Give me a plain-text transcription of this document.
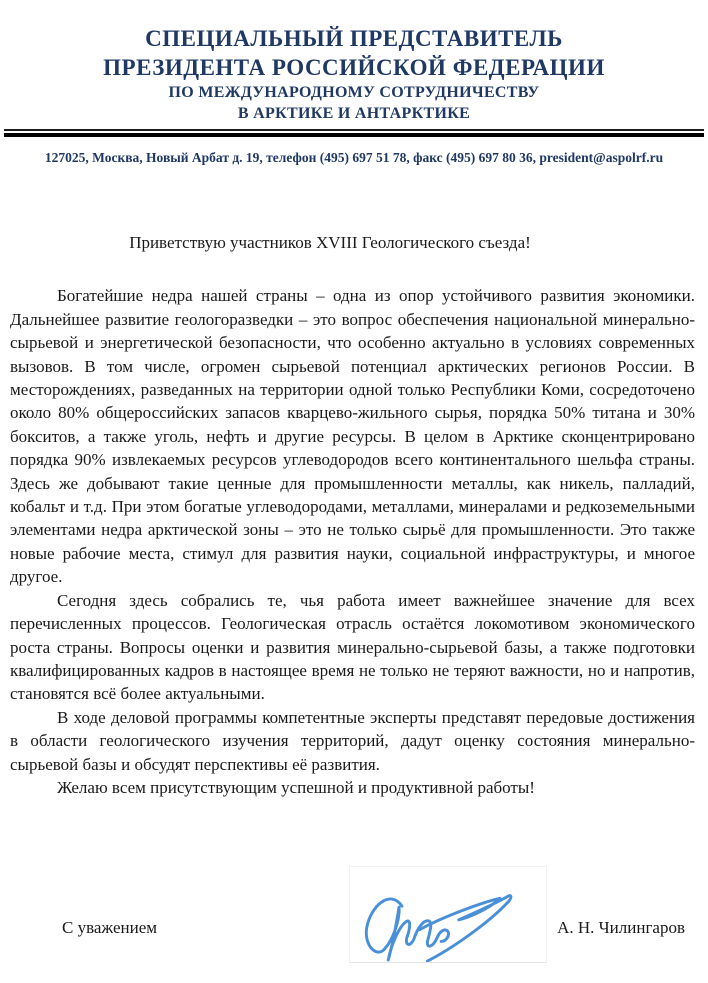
СПЕЦИАЛЬНЫЙ ПРЕДСТАВИТЕЛЬ
ПРЕЗИДЕНТА РОССИЙСКОЙ ФЕДЕРАЦИИ
ПО МЕЖДУНАРОДНОМУ СОТРУДНИЧЕСТВУ
В АРКТИКЕ И АНТАРКТИКЕ
127025, Москва, Новый Арбат д. 19, телефон (495) 697 51 78, факс (495) 697 80 36, president@aspolrf.ru

Приветствую участников XVIII Геологического съезда!

Богатейшие недра нашей страны – одна из опор устойчивого развития экономики. Дальнейшее развитие геологоразведки – это вопрос обеспечения национальной минерально-сырьевой и энергетической безопасности, что особенно актуально в условиях современных вызовов. В том числе, огромен сырьевой потенциал арктических регионов России. В месторождениях, разведанных на территории одной только Республики Коми, сосредоточено около 80% общероссийских запасов кварцево-жильного сырья, порядка 50% титана и 30% бокситов, а также уголь, нефть и другие ресурсы. В целом в Арктике сконцентрировано порядка 90% извлекаемых ресурсов углеводородов всего континентального шельфа страны. Здесь же добывают такие ценные для промышленности металлы, как никель, палладий, кобальт и т.д. При этом богатые углеводородами, металлами, минералами и редкоземельными элементами недра арктической зоны – это не только сырьё для промышленности. Это также новые рабочие места, стимул для развития науки, социальной инфраструктуры, и многое другое.

Сегодня здесь собрались те, чья работа имеет важнейшее значение для всех перечисленных процессов. Геологическая отрасль остаётся локомотивом экономического роста страны. Вопросы оценки и развития минерально-сырьевой базы, а также подготовки квалифицированных кадров в настоящее время не только не теряют важности, но и напротив, становятся всё более актуальными.

В ходе деловой программы компетентные эксперты представят передовые достижения в области геологического изучения территорий, дадут оценку состояния минерально-сырьевой базы и обсудят перспективы её развития.

Желаю всем присутствующим успешной и продуктивной работы!

С уважением	А. Н. Чилингаров
